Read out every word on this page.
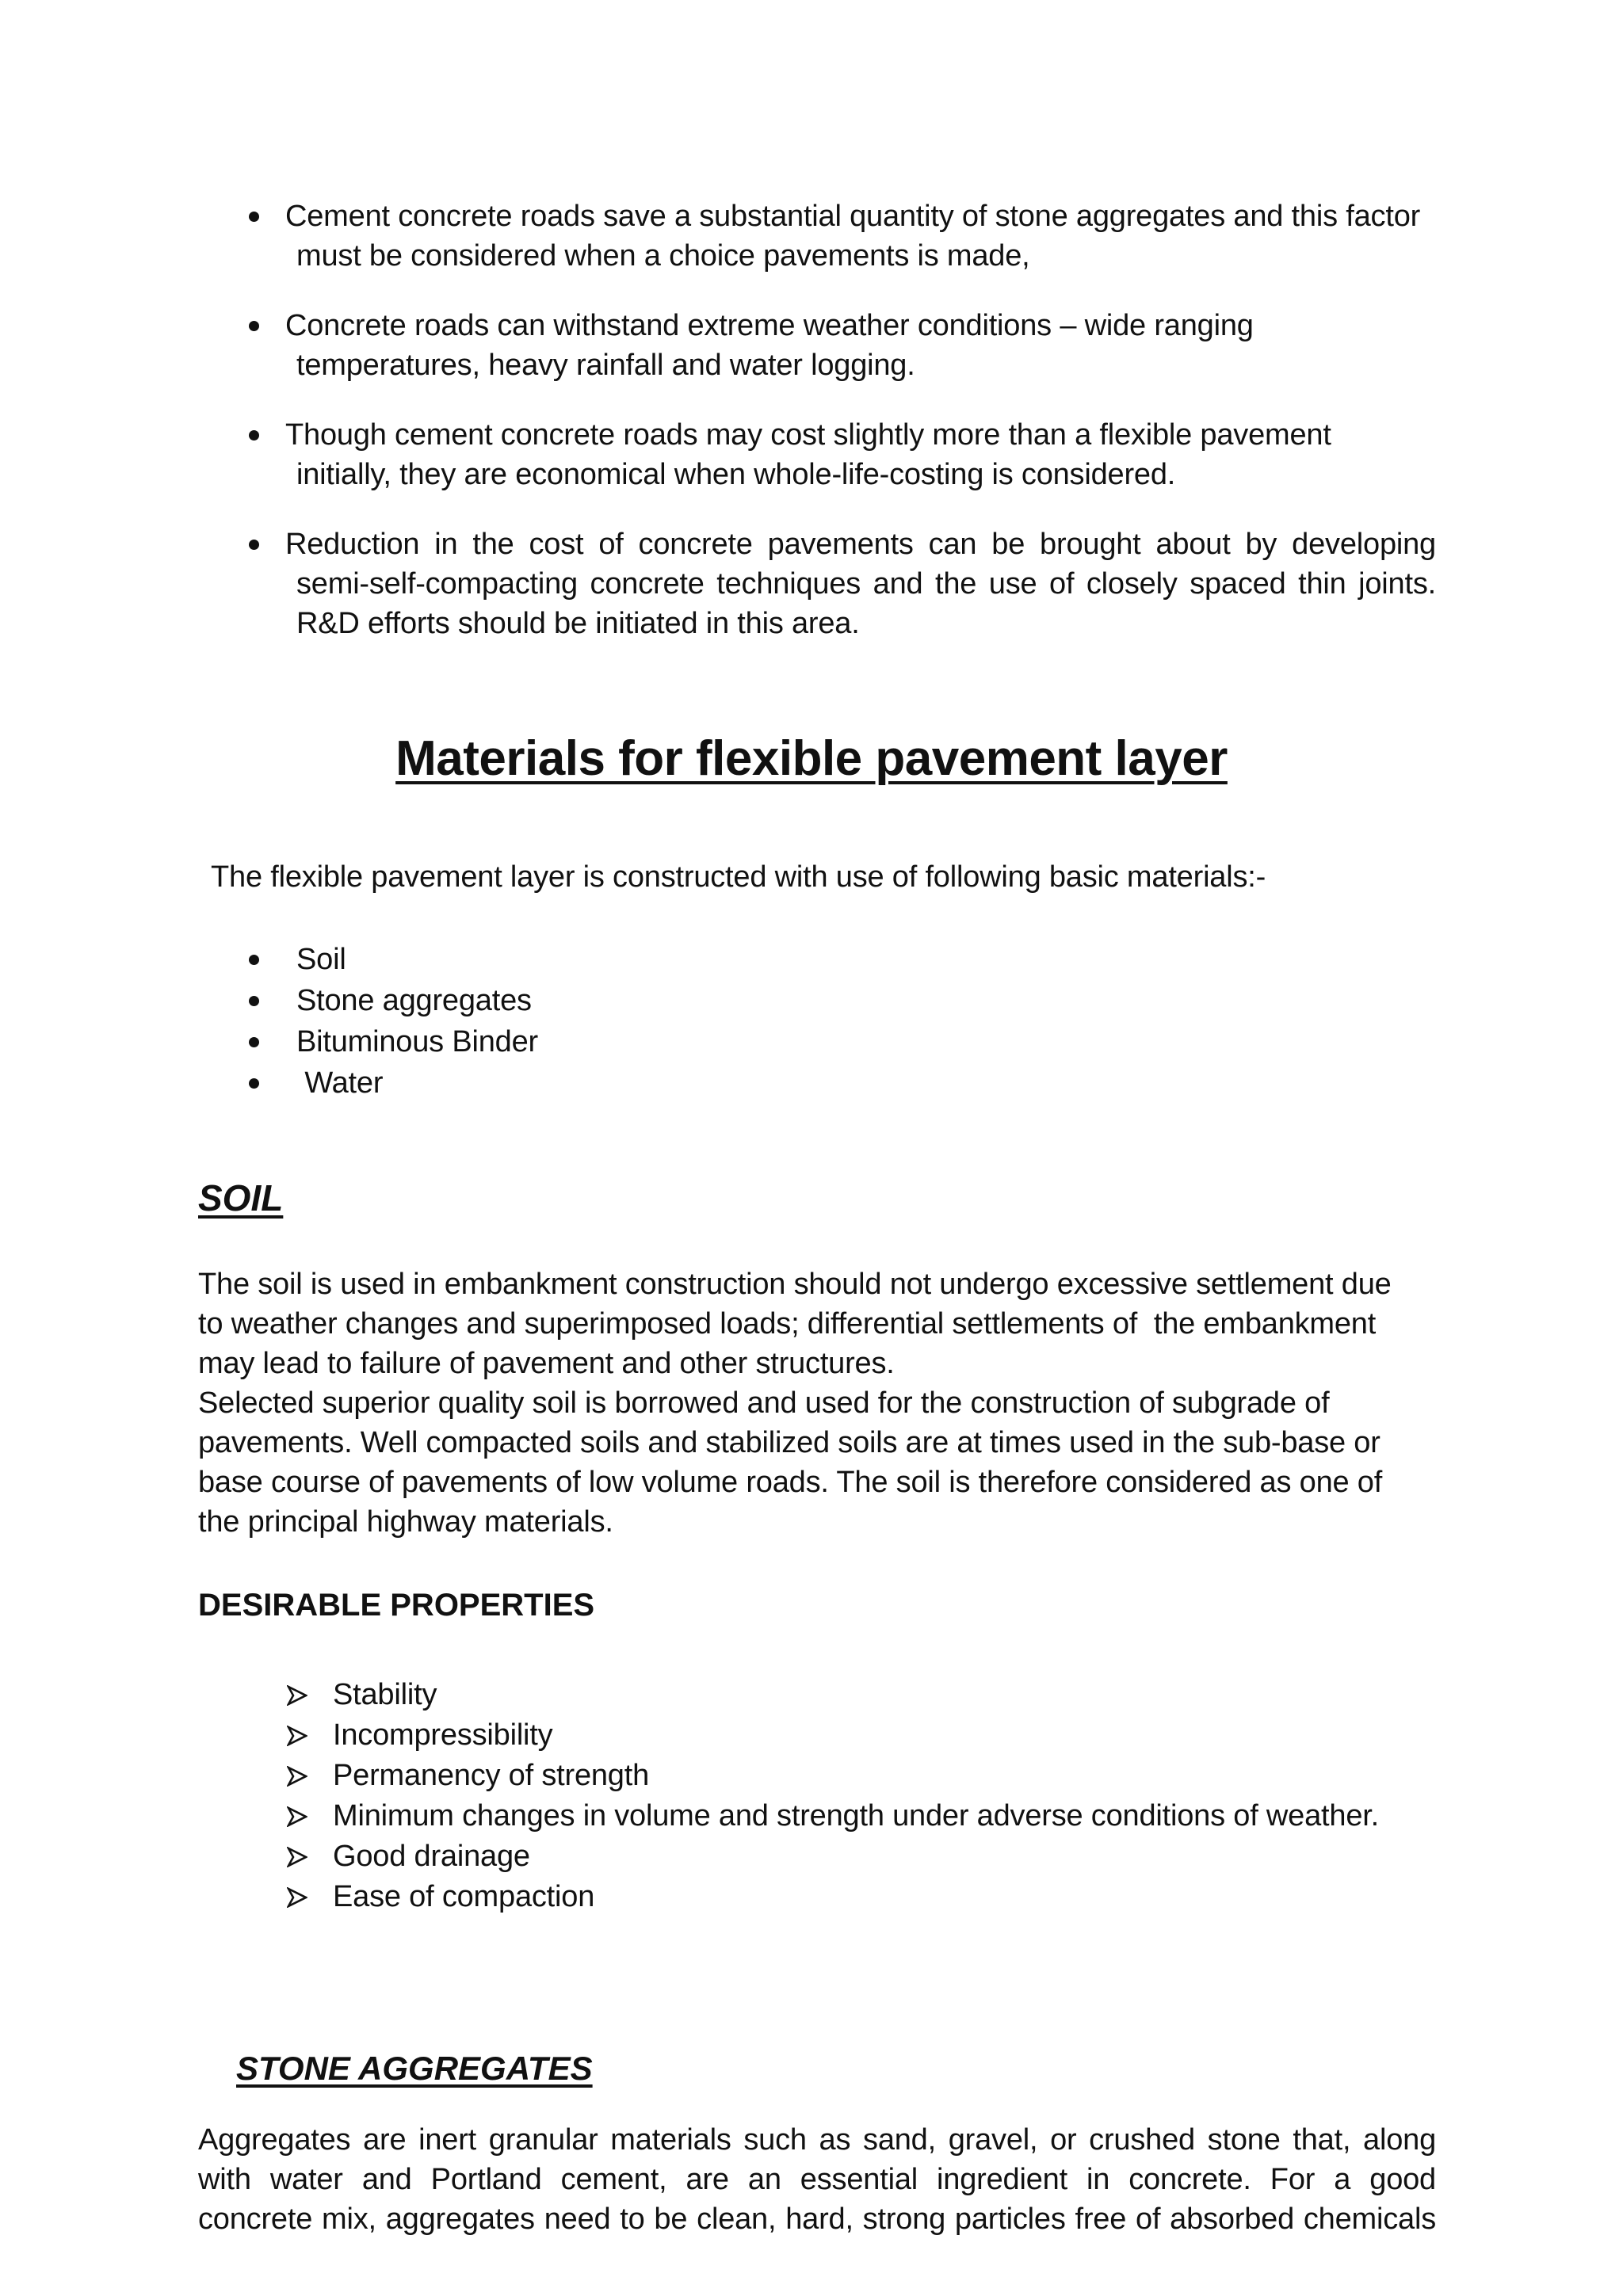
Cement concrete roads save a substantial quantity of stone aggregates and this factor
must be considered when a choice pavements is made,
Concrete roads can withstand extreme weather conditions – wide ranging
temperatures, heavy rainfall and water logging.
Though cement concrete roads may cost slightly more than a flexible pavement
initially, they are economical when whole-life-costing is considered.
Reduction in the cost of concrete pavements can be brought about by developing
semi-self-compacting concrete techniques and the use of closely spaced thin joints.
R&D efforts should be initiated in this area.
Materials for flexible pavement layer
The flexible pavement layer is constructed with use of following basic materials:-
Soil
Stone aggregates
Bituminous Binder
Water
SOIL

The soil is used in embankment construction should not undergo excessive settlement due
to weather changes and superimposed loads; differential settlements of  the embankment
may lead to failure of pavement and other structures.

Selected superior quality soil is borrowed and used for the construction of subgrade of
pavements. Well compacted soils and stabilized soils are at times used in the sub-base or
base course of pavements of low volume roads. The soil is therefore considered as one of
the principal highway materials.

DESIRABLE PROPERTIES
Stability
Incompressibility
Permanency of strength
Minimum changes in volume and strength under adverse conditions of weather.
Good drainage
Ease of compaction
STONE AGGREGATES

Aggregates are inert granular materials such as sand, gravel, or crushed stone that, along
with water and Portland cement, are an essential ingredient in concrete. For a good
concrete mix, aggregates need to be clean, hard, strong particles free of absorbed chemicals
